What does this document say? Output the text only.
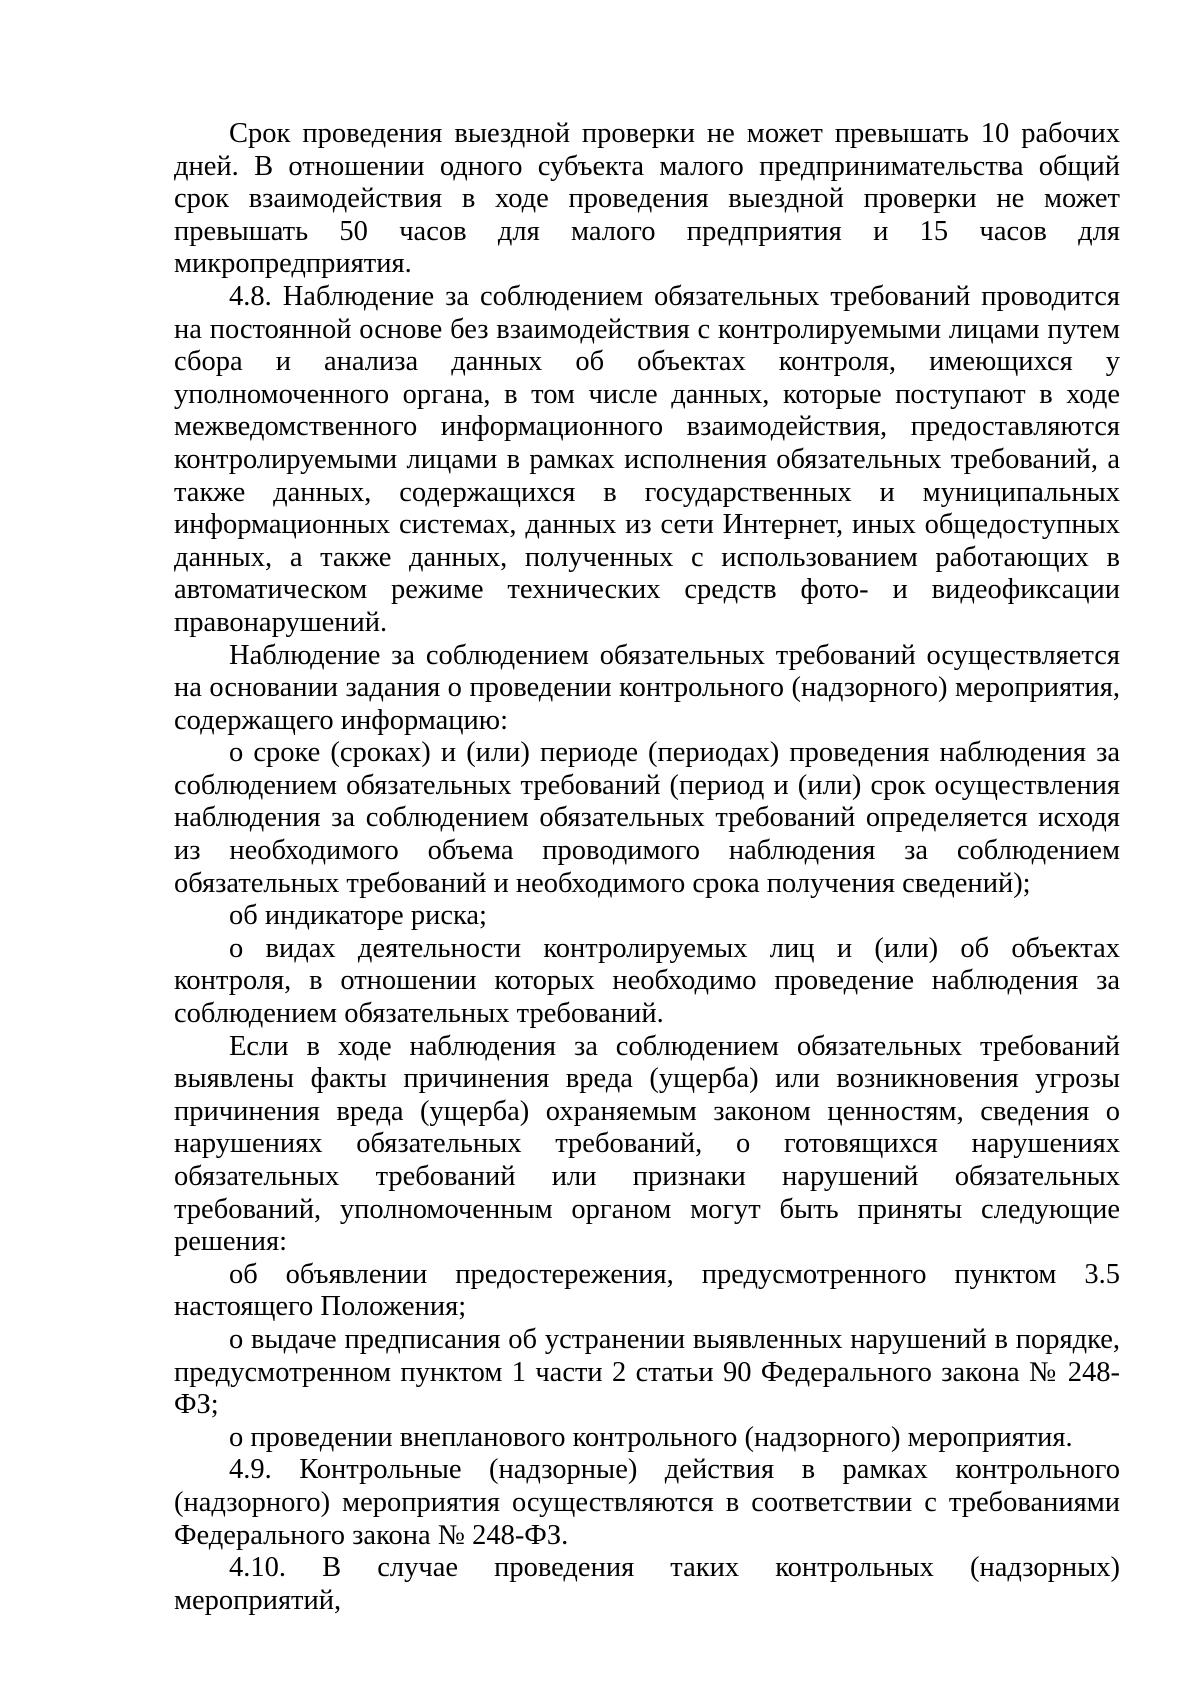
Срок проведения выездной проверки не может превышать 10 рабочих дней. В отношении одного субъекта малого предпринимательства общий срок взаимодействия в ходе проведения выездной проверки не может превышать 50 часов для малого предприятия и 15 часов для микропредприятия.

4.8. Наблюдение за соблюдением обязательных требований проводится на постоянной основе без взаимодействия с контролируемыми лицами путем сбора и анализа данных об объектах контроля, имеющихся у уполномоченного органа, в том числе данных, которые поступают в ходе межведомственного информационного взаимодействия, предоставляются контролируемыми лицами в рамках исполнения обязательных требований, а также данных, содержащихся в государственных и муниципальных информационных системах, данных из сети Интернет, иных общедоступных данных, а также данных, полученных с использованием работающих в автоматическом режиме технических средств фото- и видеофиксации правонарушений.

Наблюдение за соблюдением обязательных требований осуществляется на основании задания о проведении контрольного (надзорного) мероприятия, содержащего информацию:

о сроке (сроках) и (или) периоде (периодах) проведения наблюдения за соблюдением обязательных требований (период и (или) срок осуществления наблюдения за соблюдением обязательных требований определяется исходя из необходимого объема проводимого наблюдения за соблюдением обязательных требований и необходимого срока получения сведений);

об индикаторе риска;

о видах деятельности контролируемых лиц и (или) об объектах контроля, в отношении которых необходимо проведение наблюдения за соблюдением обязательных требований.

Если в ходе наблюдения за соблюдением обязательных требований выявлены факты причинения вреда (ущерба) или возникновения угрозы причинения вреда (ущерба) охраняемым законом ценностям, сведения о нарушениях обязательных требований, о готовящихся нарушениях обязательных требований или признаки нарушений обязательных требований, уполномоченным органом могут быть приняты следующие решения:

об объявлении предостережения, предусмотренного пунктом 3.5 настоящего Положения;

о выдаче предписания об устранении выявленных нарушений в порядке, предусмотренном пунктом 1 части 2 статьи 90 Федерального закона № 248-ФЗ;

о проведении внепланового контрольного (надзорного) мероприятия.

4.9. Контрольные (надзорные) действия в рамках контрольного (надзорного) мероприятия осуществляются в соответствии с требованиями Федерального закона № 248-ФЗ.

4.10. В случае проведения таких контрольных (надзорных) мероприятий,
